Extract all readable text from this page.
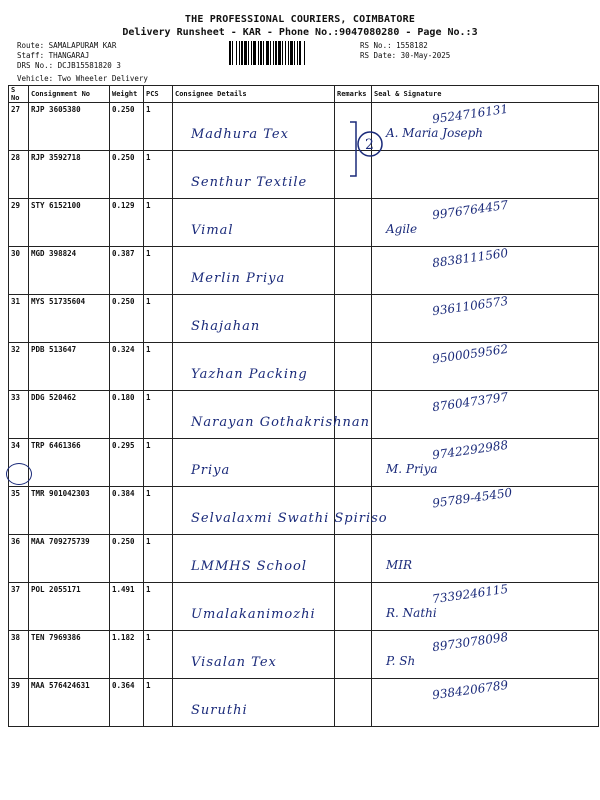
THE PROFESSIONAL COURIERS, COIMBATORE
Delivery Runsheet - KAR - Phone No.:9047080280 - Page No.:3
Route: SAMALAPURAM KAR
Staff: THANGARAJ
DRS No.: DCJB15581820 3
RS No.: 1558182
RS Date: 30-May-2025
Vehicle: Two Wheeler Delivery
S No	Consignment No	Weight	PCS	Consignee Details	Remarks	Seal & Signature
27	RJP 3605380	0.250	1	Madhura Tex		9524716131
A. Maria Joseph

28	RJP 3592718	0.250	1	Senthur Textile		

29	STY 6152100	0.129	1	Vimal		9976764457
Agile

30	MGD 398824	0.387	1	Merlin Priya		8838111560

31	MYS 51735604	0.250	1	Shajahan		9361106573

32	PDB 513647	0.324	1	Yazhan Packing		9500059562

33	DDG 520462	0.180	1	Narayan Gothakrishnan		8760473797

34	TRP 6461366	0.295	1	Priya		9742292988
M. Priya

35	TMR 901042303	0.384	1	Selvalaxmi Swathi Spiriso		95789-45450

36	MAA 709275739	0.250	1	LMMHS School		MIR

37	POL 2055171	1.491	1	Umalakanimozhi		7339246115
R. Nathi

38	TEN 7969386	1.182	1	Visalan Tex		8973078098
P. Sh

39	MAA 576424631	0.364	1	Suruthi		9384206789
2
